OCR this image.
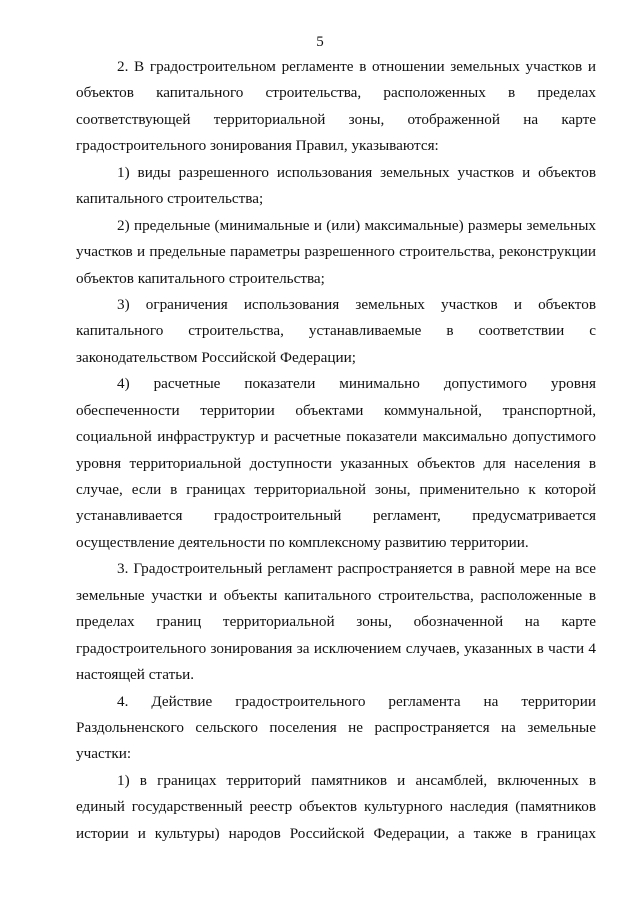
5
2. В градостроительном регламенте в отношении земельных участков и
объектов капитального строительства, расположенных в пределах
соответствующей территориальной зоны, отображенной на карте
градостроительного зонирования Правил, указываются:
1) виды разрешенного использования земельных участков и объектов
капитального строительства;
2) предельные (минимальные и (или) максимальные) размеры земельных
участков и предельные параметры разрешенного строительства, реконструкции
объектов капитального строительства;
3) ограничения использования земельных участков и объектов
капитального строительства, устанавливаемые в соответствии с
законодательством Российской Федерации;
4) расчетные показатели минимально допустимого уровня
обеспеченности территории объектами коммунальной, транспортной,
социальной инфраструктур и расчетные показатели максимально допустимого
уровня территориальной доступности указанных объектов для населения в
случае, если в границах территориальной зоны, применительно к которой
устанавливается градостроительный регламент, предусматривается
осуществление деятельности по комплексному развитию территории.
3. Градостроительный регламент распространяется в равной мере на все
земельные участки и объекты капитального строительства, расположенные в
пределах границ территориальной зоны, обозначенной на карте
градостроительного зонирования за исключением случаев, указанных в части 4
настоящей статьи.
4. Действие градостроительного регламента на территории
Раздольненского сельского поселения не распространяется на земельные
участки:
1) в границах территорий памятников и ансамблей, включенных в
единый государственный реестр объектов культурного наследия (памятников
истории и культуры) народов Российской Федерации, а также в границах
